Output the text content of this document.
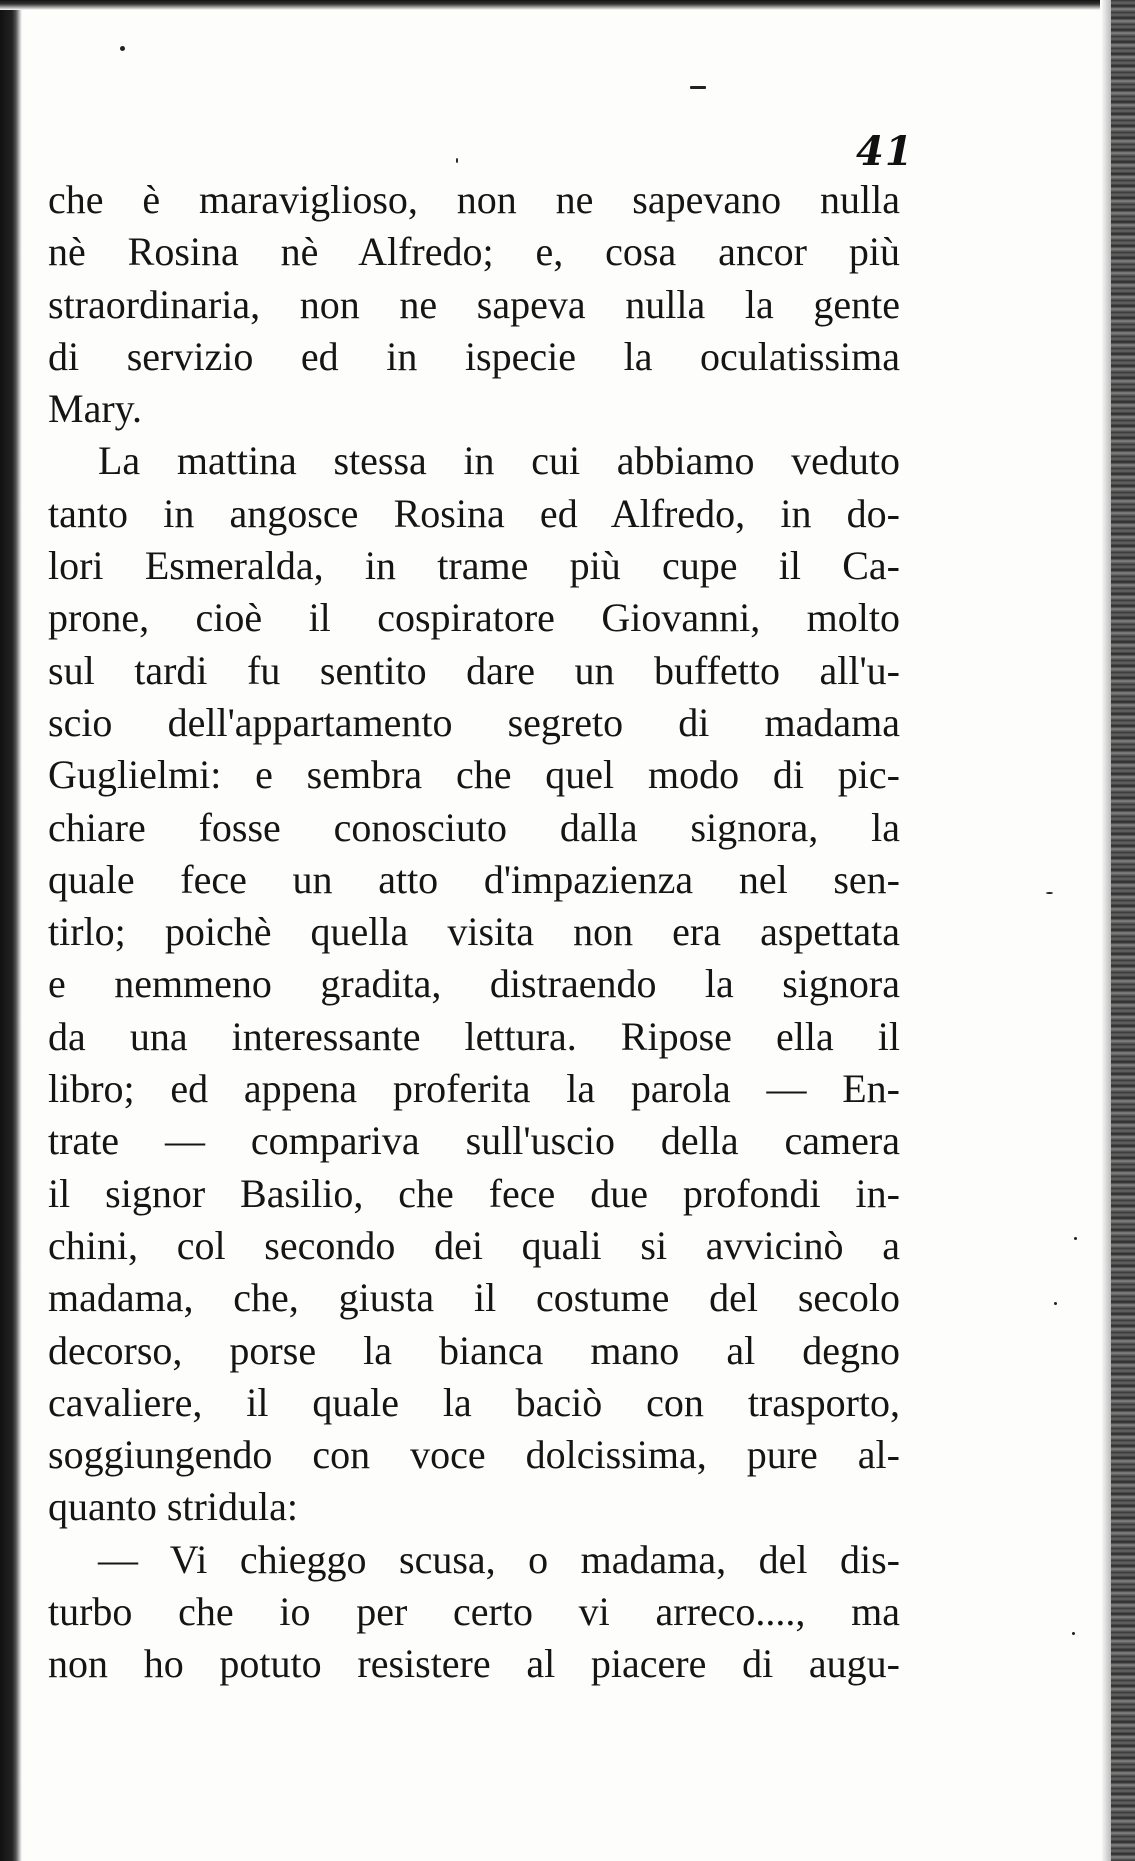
41
che è maraviglioso, non ne sapevano nulla
nè Rosina nè Alfredo; e, cosa ancor più
straordinaria, non ne sapeva nulla la gente
di servizio ed in ispecie la oculatissima
Mary.
La mattina stessa in cui abbiamo veduto
tanto in angosce Rosina ed Alfredo, in do-
lori Esmeralda, in trame più cupe il Ca-
prone, cioè il cospiratore Giovanni, molto
sul tardi fu sentito dare un buffetto all'u-
scio dell'appartamento segreto di madama
Guglielmi: e sembra che quel modo di pic-
chiare fosse conosciuto dalla signora, la
quale fece un atto d'impazienza nel sen-
tirlo; poichè quella visita non era aspettata
e nemmeno gradita, distraendo la signora
da una interessante lettura. Ripose ella il
libro; ed appena proferita la parola — En-
trate — compariva sull'uscio della camera
il signor Basilio, che fece due profondi in-
chini, col secondo dei quali si avvicinò a
madama, che, giusta il costume del secolo
decorso, porse la bianca mano al degno
cavaliere, il quale la baciò con trasporto,
soggiungendo con voce dolcissima, pure al-
quanto stridula:
— Vi chieggo scusa, o madama, del dis-
turbo che io per certo vi arreco...., ma
non ho potuto resistere al piacere di augu-
